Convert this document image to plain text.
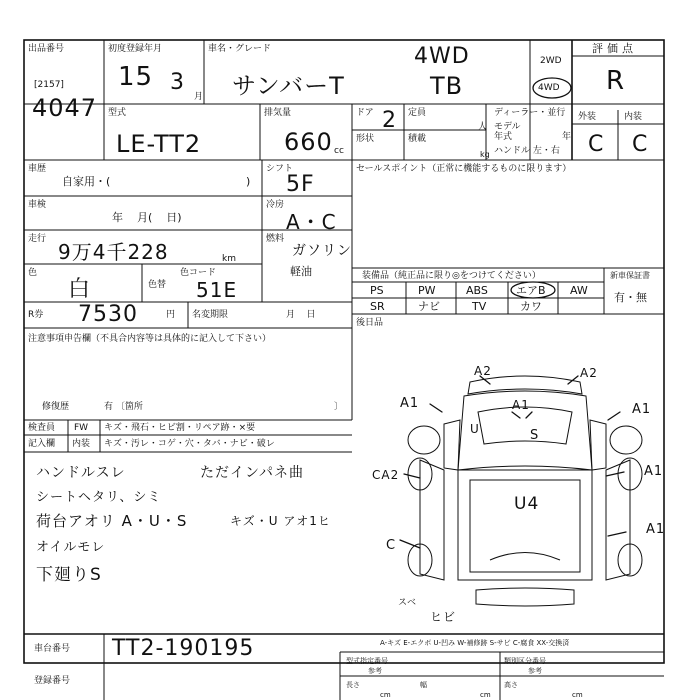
出品番号
[2157]
4047
初度登録年月
15 3
月
車名・グレード
サンバーT
4WD
TB
2WD
4WD
評価点
R
型式
LE-TT2
排気量
660 cc
ドア 2
形状
定員
人
積載
kg
ディーラー・並行
モデル
年式	年
ハンドル 左・右
外装	内装
C C
車歴
自家用・(	)
シフト
5F
セールスポイント（正常に機能するものに限ります）
車検
年    月(    日)
冷房
A・C
走行
9万4千228	km
燃料
ガソリン
軽油
色
白	色替
色コード
51E
R券 7530	円 名変期限	月    日
装備品（純正品に限り◎をつけてください）	新車保証書
PS	PW	ABS	エアB AW
SR	ナビ	TV	カワ
有・無
後日品
注意事項申告欄（不具合内容等は具体的に記入して下さい）
修復歴	有 〔箇所	〕
検査員
記入欄
FW キズ・飛石・ヒビ割・リペア跡・×要
内装 キズ・汚レ・コゲ・穴・タバ・ナビ・破レ
ハンドルスレ	ただインパネ曲
シートヘタリ、シミ
荷台アオリ A・U・S	キズ・U アオ1ヒ
オイルモレ
下廻りS
A2	A2
A1	A1
U	S
A1
CA2	A1
U4
A1
C
スベ
ヒビ
A-キズ E-エクボ U-凹み W-補修跡 S-サビ C-腐食 XX-交換済
車台番号 TT2-190195
登録番号
型式指定番号
参考
類別区分番号
参考
長さ
cm
幅
cm
高さ
cm
